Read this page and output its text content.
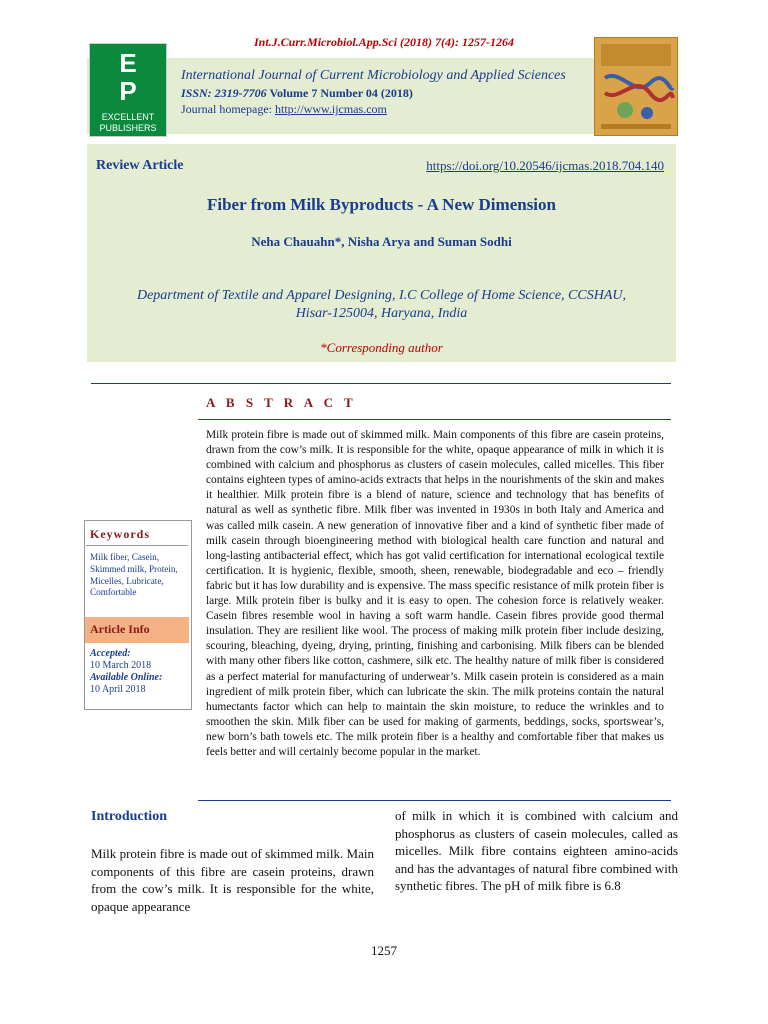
Int.J.Curr.Microbiol.App.Sci (2018) 7(4): 1257-1264
E
P
EXCELLENT
PUBLISHERS
International Journal of Current Microbiology and Applied Sciences
ISSN: 2319-7706 Volume 7 Number 04 (2018)
Journal homepage: http://www.ijcmas.com
Review Article	https://doi.org/10.20546/ijcmas.2018.704.140
Fiber from Milk Byproducts - A New Dimension
Neha Chauahn*, Nisha Arya and Suman Sodhi
Department of Textile and Apparel Designing, I.C College of Home Science, CCSHAU,
Hisar-125004, Haryana, India
*Corresponding author
A B S T R A C T
Milk protein fibre is made out of skimmed milk. Main components of this fibre are casein proteins, drawn from the cow’s milk. It is responsible for the white, opaque appearance of milk in which it is combined with calcium and phosphorus as clusters of casein molecules, called micelles. This fiber contains eighteen types of amino-acids extracts that helps in the nourishments of the skin and makes it healthier. Milk protein fibre is a blend of nature, science and technology that has benefits of natural as well as synthetic fibre. Milk fiber was invented in 1930s in both Italy and America and was called milk casein. A new generation of innovative fiber and a kind of synthetic fiber made of milk casein through bioengineering method with biological health care function and natural and long-lasting antibacterial effect, which has got valid certification for international ecological textile certification. It is hygienic, flexible, smooth, sheen, renewable, biodegradable and eco – friendly fabric but it has low durability and is expensive. The mass specific resistance of milk protein fiber is large. Milk protein fiber is bulky and it is easy to open. The cohesion force is relatively weaker. Casein fibres resemble wool in having a soft warm handle. Casein fibres provide good thermal insulation. They are resilient like wool. The process of making milk protein fiber include desizing, scouring, bleaching, dyeing, drying, printing, finishing and carbonising. Milk fibers can be blended with many other fibers like cotton, cashmere, silk etc. The healthy nature of milk fiber is considered as a perfect material for manufacturing of underwear’s. Milk casein protein is considered as a main ingredient of milk protein fiber, which can lubricate the skin. The milk proteins contain the natural humectants factor which can help to maintain the skin moisture, to reduce the wrinkles and to smoothen the skin. Milk fiber can be used for making of garments, beddings, socks, sportswear’s, new born’s bath towels etc. The milk protein fiber is a healthy and comfortable fiber that makes us feels better and will certainly become popular in the market.
Keywords
Milk fiber, Casein, Skimmed milk, Protein, Micelles, Lubricate, Comfortable
Article Info
Accepted:
10 March 2018
Available Online:
10 April 2018
Introduction
Milk protein fibre is made out of skimmed milk. Main components of this fibre are casein proteins, drawn from the cow’s milk. It is responsible for the white, opaque appearance
of milk in which it is combined with calcium and phosphorus as clusters of casein molecules, called as micelles. Milk fibre contains eighteen amino-acids and has the advantages of natural fibre combined with synthetic fibres. The pH of milk fibre is 6.8
1257
